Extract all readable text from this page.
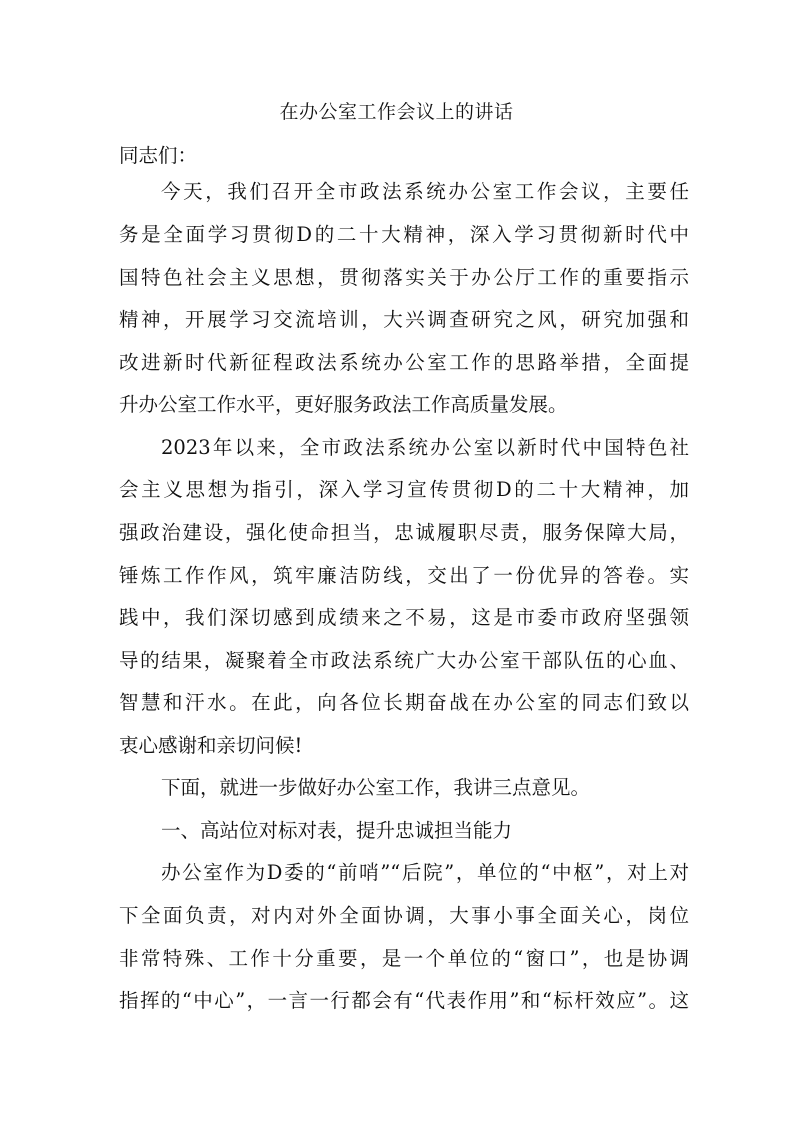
在办公室工作会议上的讲话
同志们：
今天，我们召开全市政法系统办公室工作会议，主要任
务是全面学习贯彻D的二十大精神，深入学习贯彻新时代中
国特色社会主义思想，贯彻落实关于办公厅工作的重要指示
精神，开展学习交流培训，大兴调查研究之风，研究加强和
改进新时代新征程政法系统办公室工作的思路举措，全面提
升办公室工作水平，更好服务政法工作高质量发展。
2023年以来，全市政法系统办公室以新时代中国特色社
会主义思想为指引，深入学习宣传贯彻D的二十大精神，加
强政治建设，强化使命担当，忠诚履职尽责，服务保障大局，
锤炼工作作风，筑牢廉洁防线，交出了一份优异的答卷。实
践中，我们深切感到成绩来之不易，这是市委市政府坚强领
导的结果，凝聚着全市政法系统广大办公室干部队伍的心血、
智慧和汗水。在此，向各位长期奋战在办公室的同志们致以
衷心感谢和亲切问候!
下面，就进一步做好办公室工作，我讲三点意见。
一、高站位对标对表，提升忠诚担当能力
办公室作为D委的“前哨”“后院”，单位的“中枢”，对上对
下全面负责，对内对外全面协调，大事小事全面关心，岗位
非常特殊、工作十分重要，是一个单位的“窗口”，也是协调
指挥的“中心”，一言一行都会有“代表作用”和“标杆效应”。这
